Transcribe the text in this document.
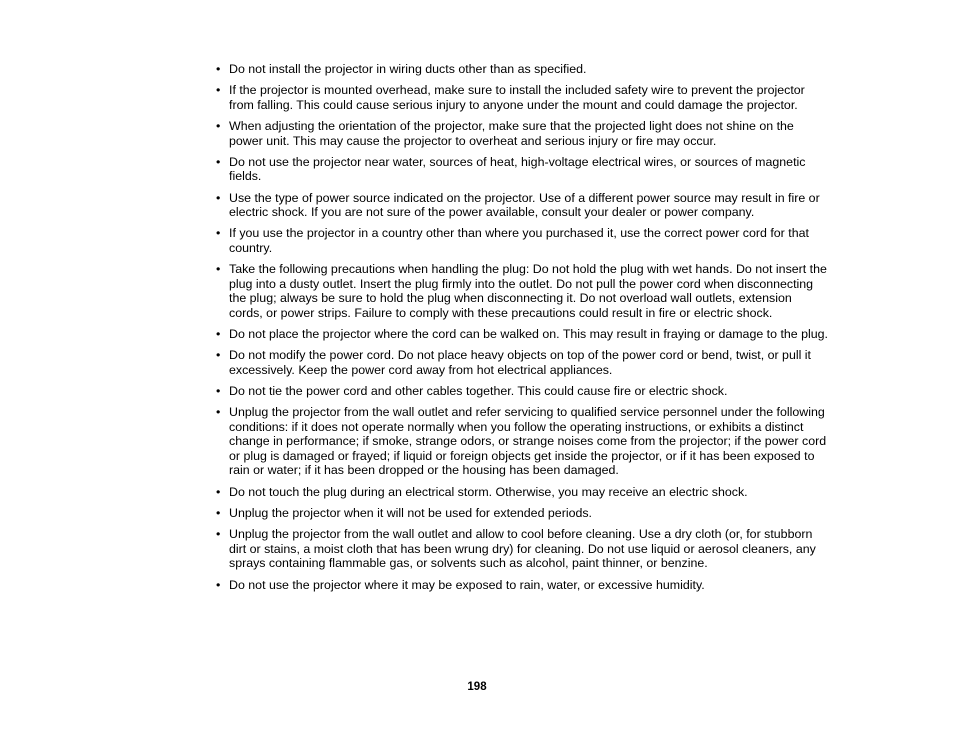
• Do not install the projector in wiring ducts other than as specified.
• If the projector is mounted overhead, make sure to install the included safety wire to prevent the projector from falling. This could cause serious injury to anyone under the mount and could damage the projector.
• When adjusting the orientation of the projector, make sure that the projected light does not shine on the power unit. This may cause the projector to overheat and serious injury or fire may occur.
• Do not use the projector near water, sources of heat, high-voltage electrical wires, or sources of magnetic fields.
• Use the type of power source indicated on the projector. Use of a different power source may result in fire or electric shock. If you are not sure of the power available, consult your dealer or power company.
• If you use the projector in a country other than where you purchased it, use the correct power cord for that country.
• Take the following precautions when handling the plug: Do not hold the plug with wet hands. Do not insert the plug into a dusty outlet. Insert the plug firmly into the outlet. Do not pull the power cord when disconnecting the plug; always be sure to hold the plug when disconnecting it. Do not overload wall outlets, extension cords, or power strips. Failure to comply with these precautions could result in fire or electric shock.
• Do not place the projector where the cord can be walked on. This may result in fraying or damage to the plug.
• Do not modify the power cord. Do not place heavy objects on top of the power cord or bend, twist, or pull it excessively. Keep the power cord away from hot electrical appliances.
• Do not tie the power cord and other cables together. This could cause fire or electric shock.
• Unplug the projector from the wall outlet and refer servicing to qualified service personnel under the following conditions: if it does not operate normally when you follow the operating instructions, or exhibits a distinct change in performance; if smoke, strange odors, or strange noises come from the projector; if the power cord or plug is damaged or frayed; if liquid or foreign objects get inside the projector, or if it has been exposed to rain or water; if it has been dropped or the housing has been damaged.
• Do not touch the plug during an electrical storm. Otherwise, you may receive an electric shock.
• Unplug the projector when it will not be used for extended periods.
• Unplug the projector from the wall outlet and allow to cool before cleaning. Use a dry cloth (or, for stubborn dirt or stains, a moist cloth that has been wrung dry) for cleaning. Do not use liquid or aerosol cleaners, any sprays containing flammable gas, or solvents such as alcohol, paint thinner, or benzine.
• Do not use the projector where it may be exposed to rain, water, or excessive humidity.
198
